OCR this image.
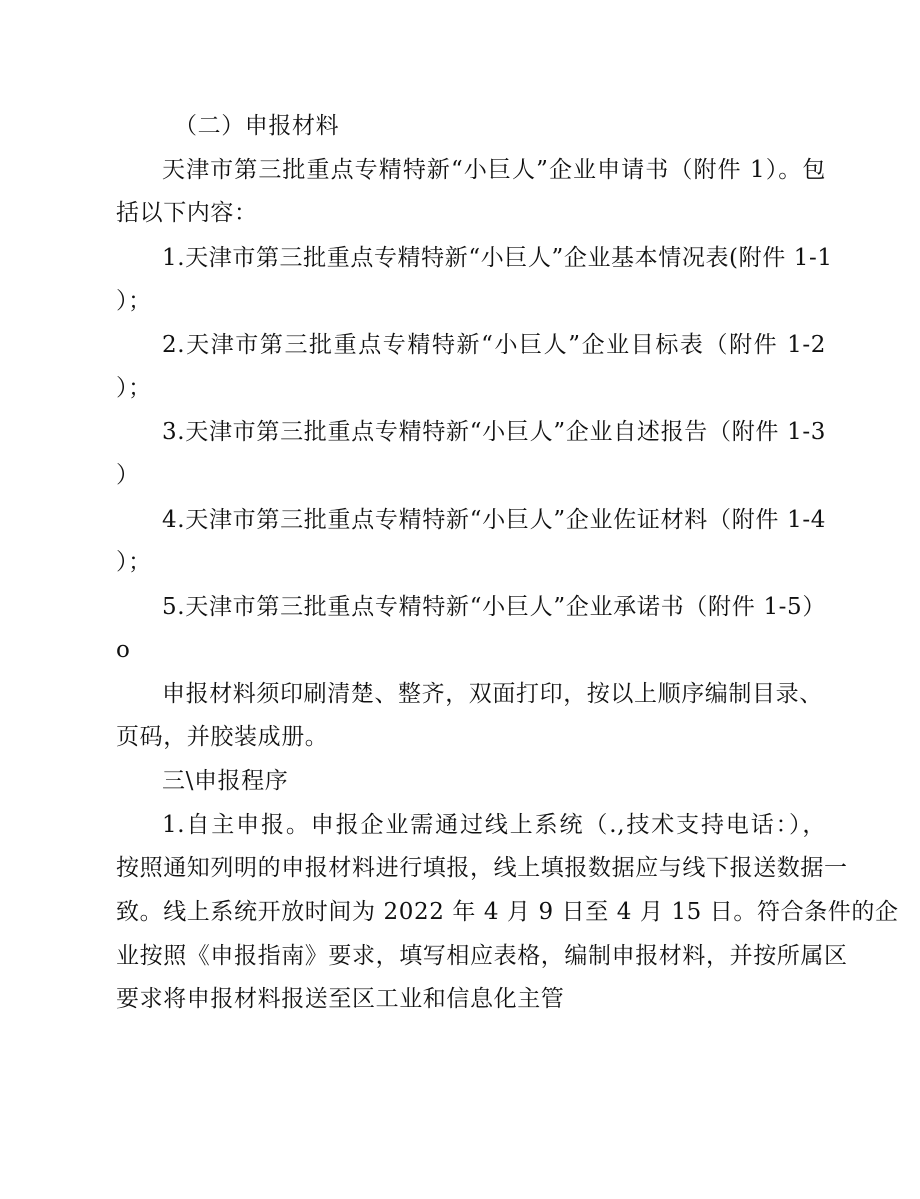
（二）申报材料
天津市第三批重点专精特新“小巨人”企业申请书（附件 1）。包
括以下内容：
1.天津市第三批重点专精特新“小巨人”企业基本情况表(附件 1-1
）；
2.天津市第三批重点专精特新“小巨人”企业目标表（附件 1-2
）；
3.天津市第三批重点专精特新“小巨人”企业自述报告（附件 1-3
）
4.天津市第三批重点专精特新“小巨人”企业佐证材料（附件 1-4
）；
5.天津市第三批重点专精特新“小巨人”企业承诺书（附件 1-5）
o
申报材料须印刷清楚、整齐，双面打印，按以上顺序编制目录、
页码，并胶装成册。
三\申报程序
1.自主申报。申报企业需通过线上系统（.,技术支持电话：），
按照通知列明的申报材料进行填报，线上填报数据应与线下报送数据一
致。线上系统开放时间为 2022 年 4 月 9 日至 4 月 15 日。符合条件的企
业按照《申报指南》要求，填写相应表格，编制申报材料，并按所属区
要求将申报材料报送至区工业和信息化主管
